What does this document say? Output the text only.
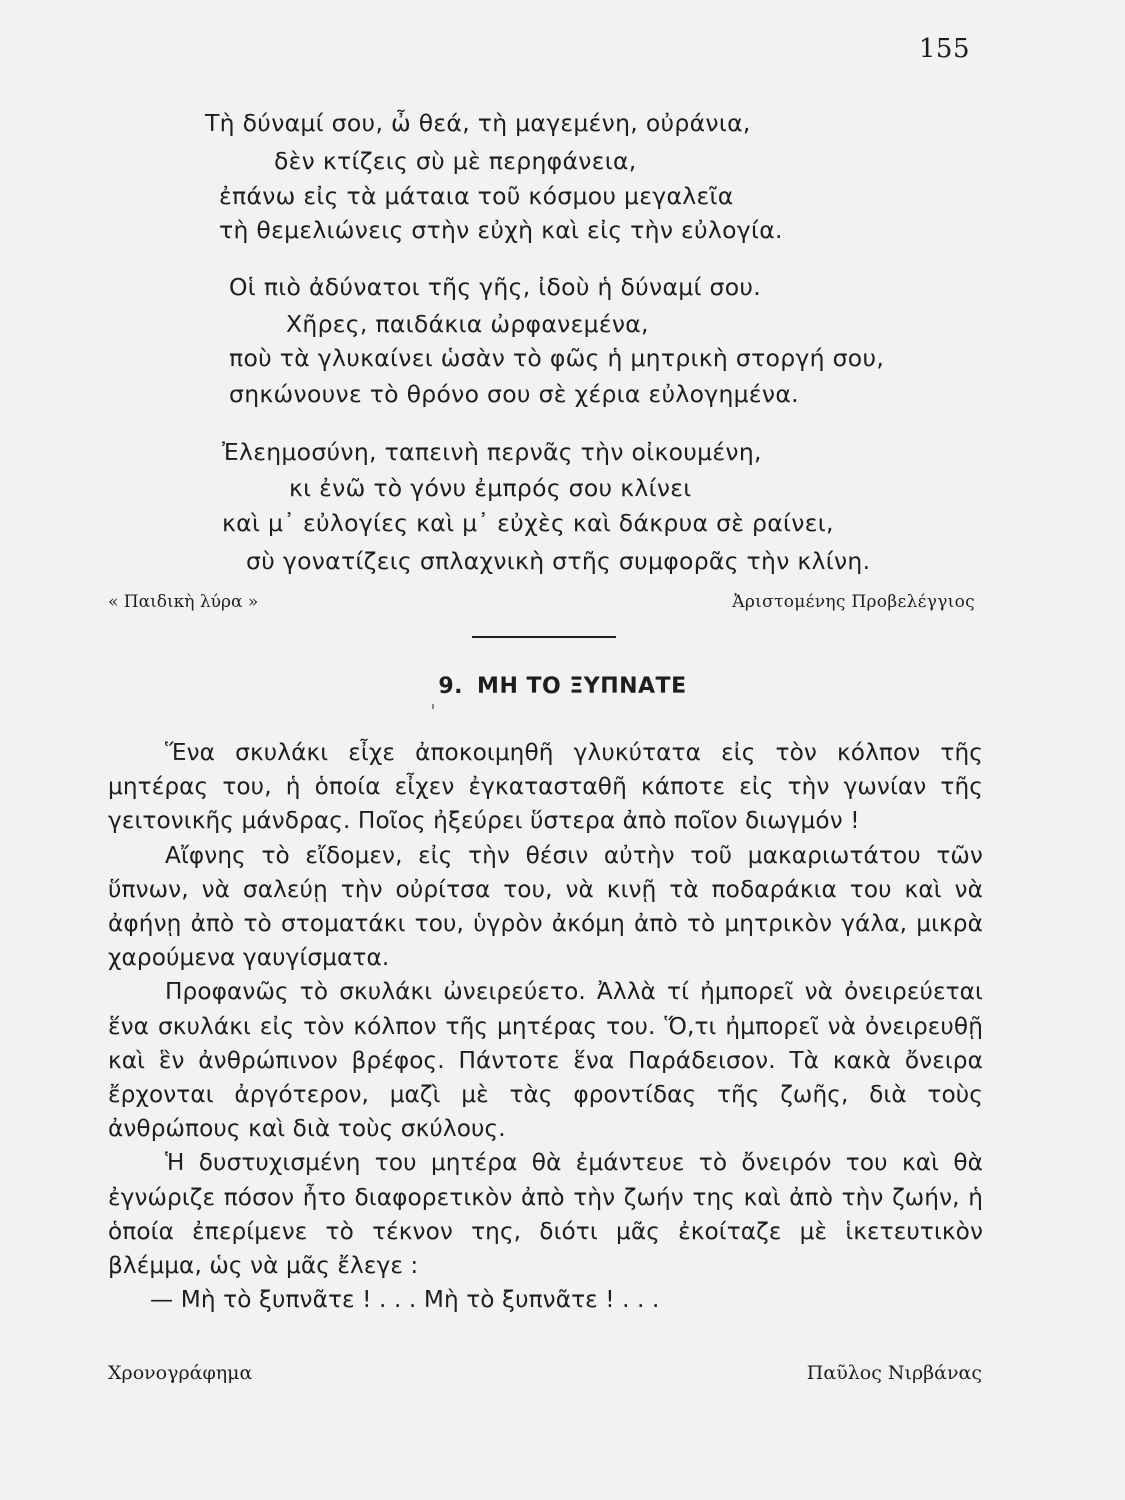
155
Τὴ δύναμί σου, ὦ θεά, τὴ μαγεμένη, οὐράνια,
δὲν κτίζεις σὺ μὲ περηφάνεια,
ἐπάνω εἰς τὰ μάταια τοῦ κόσμου μεγαλεῖα
τὴ θεμελιώνεις στὴν εὐχὴ καὶ εἰς τὴν εὐλογία.
Οἱ πιὸ ἀδύνατοι τῆς γῆς, ἰδοὺ ἡ δύναμί σου.
Χῆρες, παιδάκια ὠρφανεμένα,
ποὺ τὰ γλυκαίνει ὡσὰν τὸ φῶς ἡ μητρικὴ στοργή σου,
σηκώνουνε τὸ θρόνο σου σὲ χέρια εὐλογημένα.
Ἐλεημοσύνη, ταπεινὴ περνᾶς τὴν οἰκουμένη,
κι ἐνῶ τὸ γόνυ ἐμπρός σου κλίνει
καὶ μ᾿ εὐλογίες καὶ μ᾿ εὐχὲς καὶ δάκρυα σὲ ραίνει,
σὺ γονατίζεις σπλαχνικὴ στῆς συμφορᾶς τὴν κλίνη.
« Παιδικὴ λύρα »	Ἀριστομένης Προβελέγγιος
9. ΜΗ ΤΟ ΞΥΠΝΑΤΕ

Ἕνα σκυλάκι εἶχε ἀποκοιμηθῆ γλυκύτατα εἰς τὸν κόλπον τῆς μητέρας του, ἡ ὁποία εἶχεν ἐγκατασταθῆ κάποτε εἰς τὴν γωνίαν τῆς γειτονικῆς μάνδρας. Ποῖος ἠξεύρει ὕστερα ἀπὸ ποῖον διωγμόν !

Αἴφνης τὸ εἴδομεν, εἰς τὴν θέσιν αὐτὴν τοῦ μακαριωτάτου τῶν ὕπνων, νὰ σαλεύῃ τὴν οὐρίτσα του, νὰ κινῇ τὰ ποδαράκια του καὶ νὰ ἀφήνῃ ἀπὸ τὸ στοματάκι του, ὑγρὸν ἀκόμη ἀπὸ τὸ μητρικὸν γάλα, μικρὰ χαρούμενα γαυγίσματα.

Προφανῶς τὸ σκυλάκι ὠνειρεύετο. Ἀλλὰ τί ἠμπορεῖ νὰ ὀνειρεύεται ἕνα σκυλάκι εἰς τὸν κόλπον τῆς μητέρας του. Ὅ,τι ἠμπορεῖ νὰ ὀνειρευθῇ καὶ ἓν ἀνθρώπινον βρέφος. Πάντοτε ἕνα Παράδεισον. Τὰ κακὰ ὄνειρα ἔρχονται ἀργότερον, μαζὶ μὲ τὰς φροντίδας τῆς ζωῆς, διὰ τοὺς ἀνθρώπους καὶ διὰ τοὺς σκύλους.

Ἡ δυστυχισμένη του μητέρα θὰ ἐμάντευε τὸ ὄνειρόν του καὶ θὰ ἐγνώριζε πόσον ἦτο διαφορετικὸν ἀπὸ τὴν ζωήν της καὶ ἀπὸ τὴν ζωήν, ἡ ὁποία ἐπερίμενε τὸ τέκνον της, διότι μᾶς ἐκοίταζε μὲ ἱκετευτικὸν βλέμμα, ὡς νὰ μᾶς ἔλεγε :

— Μὴ τὸ ξυπνᾶτε ! . . . Μὴ τὸ ξυπνᾶτε ! . . .

Χρονογράφημα	Παῦλος Νιρβάνας
